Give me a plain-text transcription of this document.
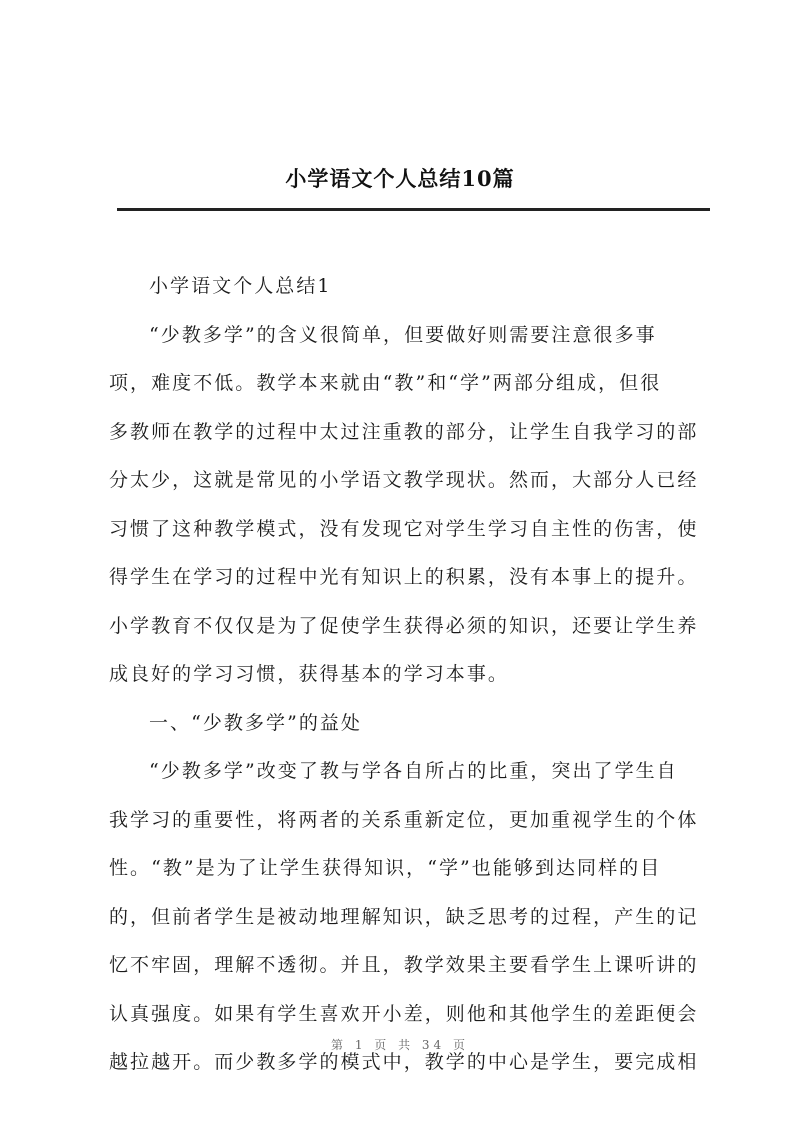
小学语文个人总结10篇
小学语文个人总结1
“少教多学”的含义很简单，但要做好则需要注意很多事
项，难度不低。教学本来就由“教”和“学”两部分组成，但很
多教师在教学的过程中太过注重教的部分，让学生自我学习的部
分太少，这就是常见的小学语文教学现状。然而，大部分人已经
习惯了这种教学模式，没有发现它对学生学习自主性的伤害，使
得学生在学习的过程中光有知识上的积累，没有本事上的提升。
小学教育不仅仅是为了促使学生获得必须的知识，还要让学生养
成良好的学习习惯，获得基本的学习本事。
一、“少教多学”的益处
“少教多学”改变了教与学各自所占的比重，突出了学生自
我学习的重要性，将两者的关系重新定位，更加重视学生的个体
性。“教”是为了让学生获得知识，“学”也能够到达同样的目
的，但前者学生是被动地理解知识，缺乏思考的过程，产生的记
忆不牢固，理解不透彻。并且，教学效果主要看学生上课听讲的
认真强度。如果有学生喜欢开小差，则他和其他学生的差距便会
越拉越开。而少教多学的模式中，教学的中心是学生，要完成相
第 1 页 共 34 页
